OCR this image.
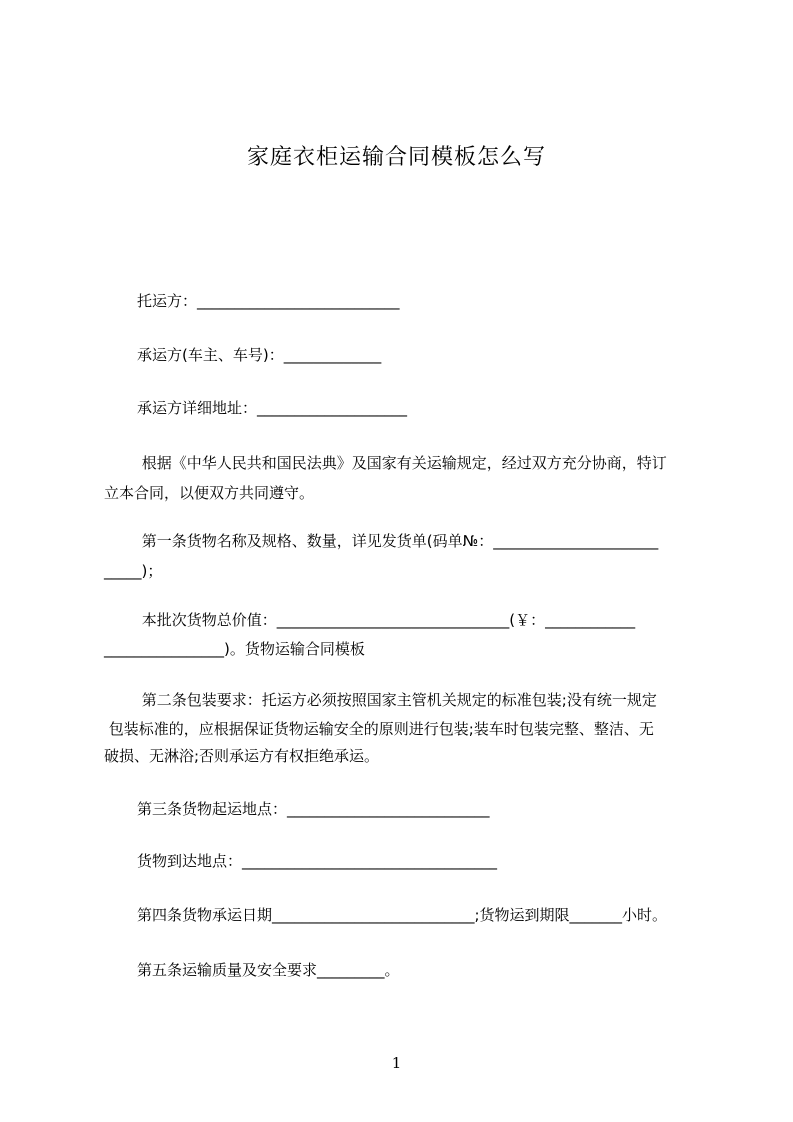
家庭衣柜运输合同模板怎么写

托运方：___________________________

承运方(车主、车号)：_____________

承运方详细地址：____________________

根据《中华人民共和国民法典》及国家有关运输规定，经过双方充分协商，特订

立本合同，以便双方共同遵守。

第一条货物名称及规格、数量，详见发货单(码单№：______________________

_____)；

本批次货物总价值：_______________________________(￥：____________

________________)。货物运输合同模板

第二条包装要求：托运方必须按照国家主管机关规定的标准包装;没有统一规定

包装标准的，应根据保证货物运输安全的原则进行包装;装车时包装完整、整洁、无

破损、无淋浴;否则承运方有权拒绝承运。

第三条货物起运地点：___________________________

货物到达地点：__________________________________

第四条货物承运日期___________________________;货物运到期限_______小时。

第五条运输质量及安全要求_________。

1
